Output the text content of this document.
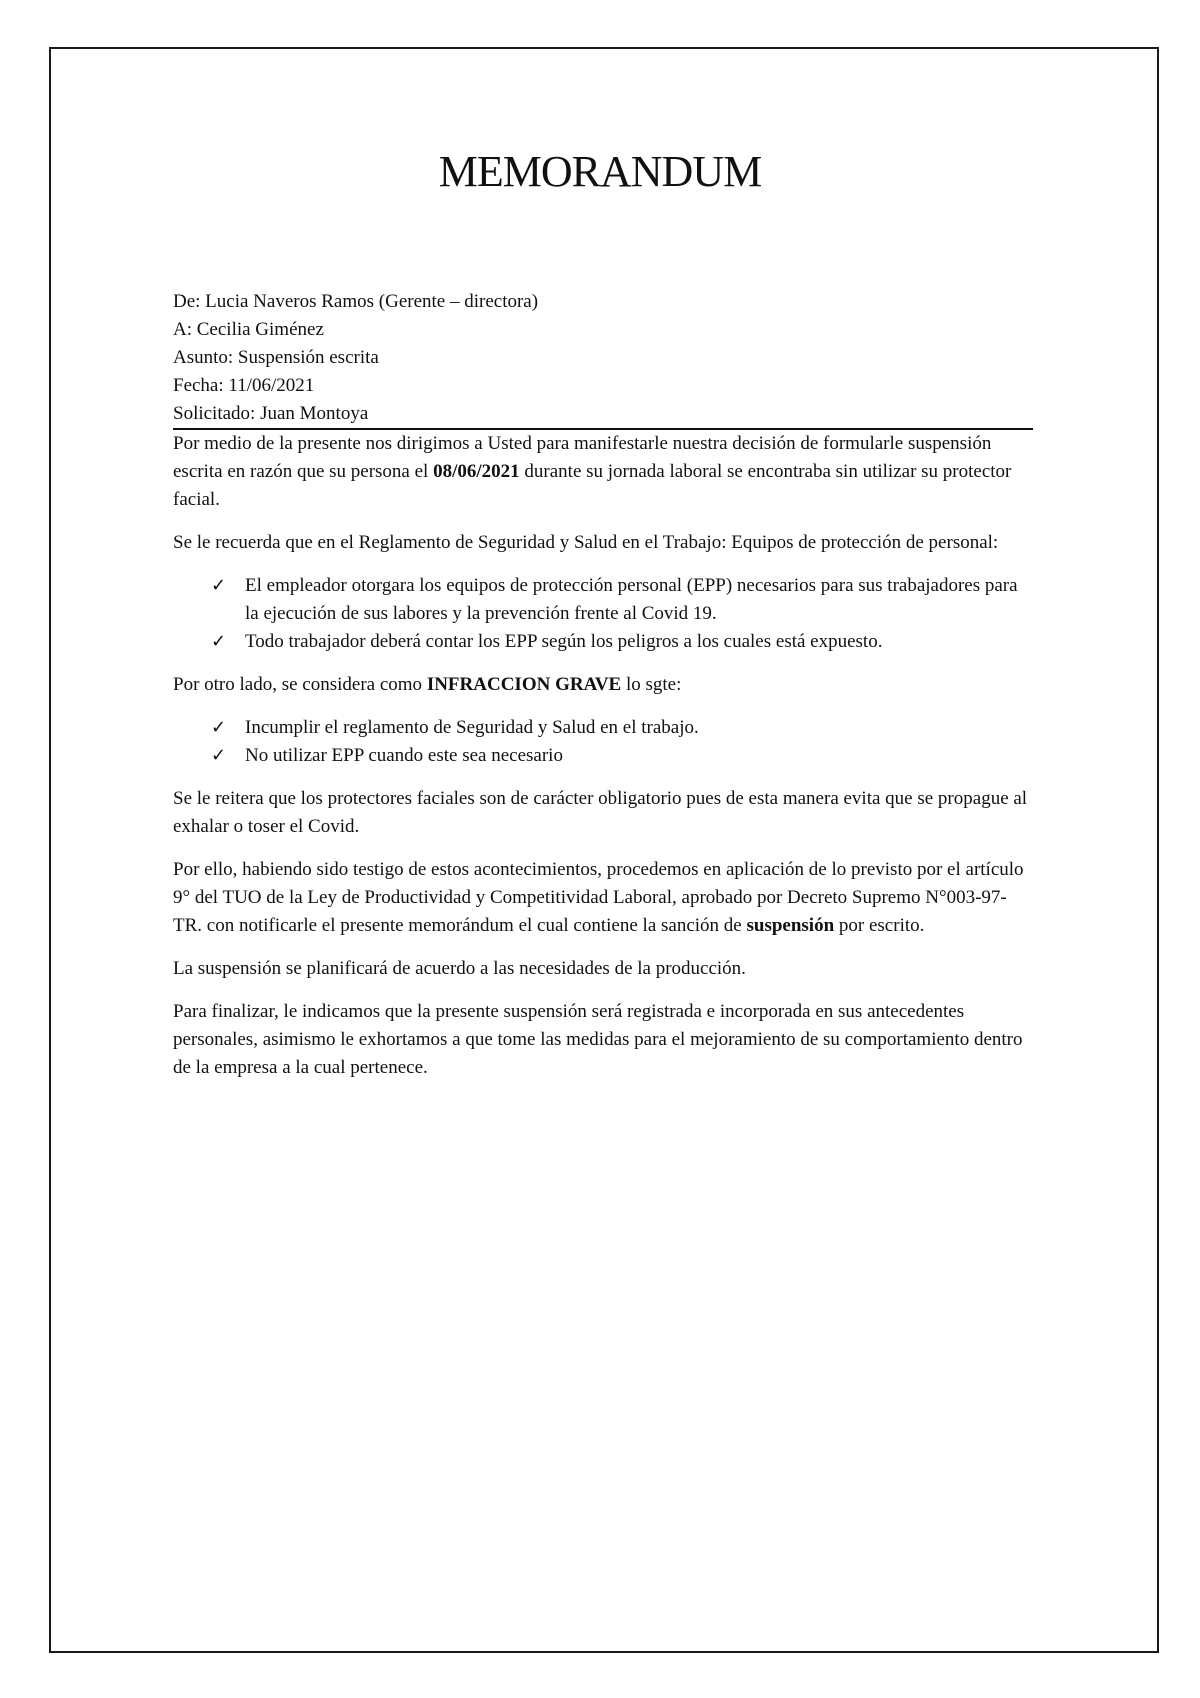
MEMORANDUM
De: Lucia Naveros Ramos (Gerente – directora)
A: Cecilia Giménez
Asunto: Suspensión escrita
Fecha: 11/06/2021
Solicitado: Juan Montoya

Por medio de la presente nos dirigimos a Usted para manifestarle nuestra decisión de formularle suspensión escrita en razón que su persona el 08/06/2021 durante su jornada laboral se encontraba sin utilizar su protector facial.

Se le recuerda que en el Reglamento de Seguridad y Salud en el Trabajo: Equipos de protección de personal:

✓ El empleador otorgara los equipos de protección personal (EPP) necesarios para sus trabajadores para la ejecución de sus labores y la prevención frente al Covid 19.
✓ Todo trabajador deberá contar los EPP según los peligros a los cuales está expuesto.

Por otro lado, se considera como INFRACCION GRAVE lo sgte:

✓ Incumplir el reglamento de Seguridad y Salud en el trabajo.
✓ No utilizar EPP cuando este sea necesario

Se le reitera que los protectores faciales son de carácter obligatorio pues de esta manera evita que se propague al exhalar o toser el Covid.

Por ello, habiendo sido testigo de estos acontecimientos, procedemos en aplicación de lo previsto por el artículo 9° del TUO de la Ley de Productividad y Competitividad Laboral, aprobado por Decreto Supremo N°003-97-TR. con notificarle el presente memorándum el cual contiene la sanción de suspensión por escrito.

La suspensión se planificará de acuerdo a las necesidades de la producción.

Para finalizar, le indicamos que la presente suspensión será registrada e incorporada en sus antecedentes personales, asimismo le exhortamos a que tome las medidas para el mejoramiento de su comportamiento dentro de la empresa a la cual pertenece.
